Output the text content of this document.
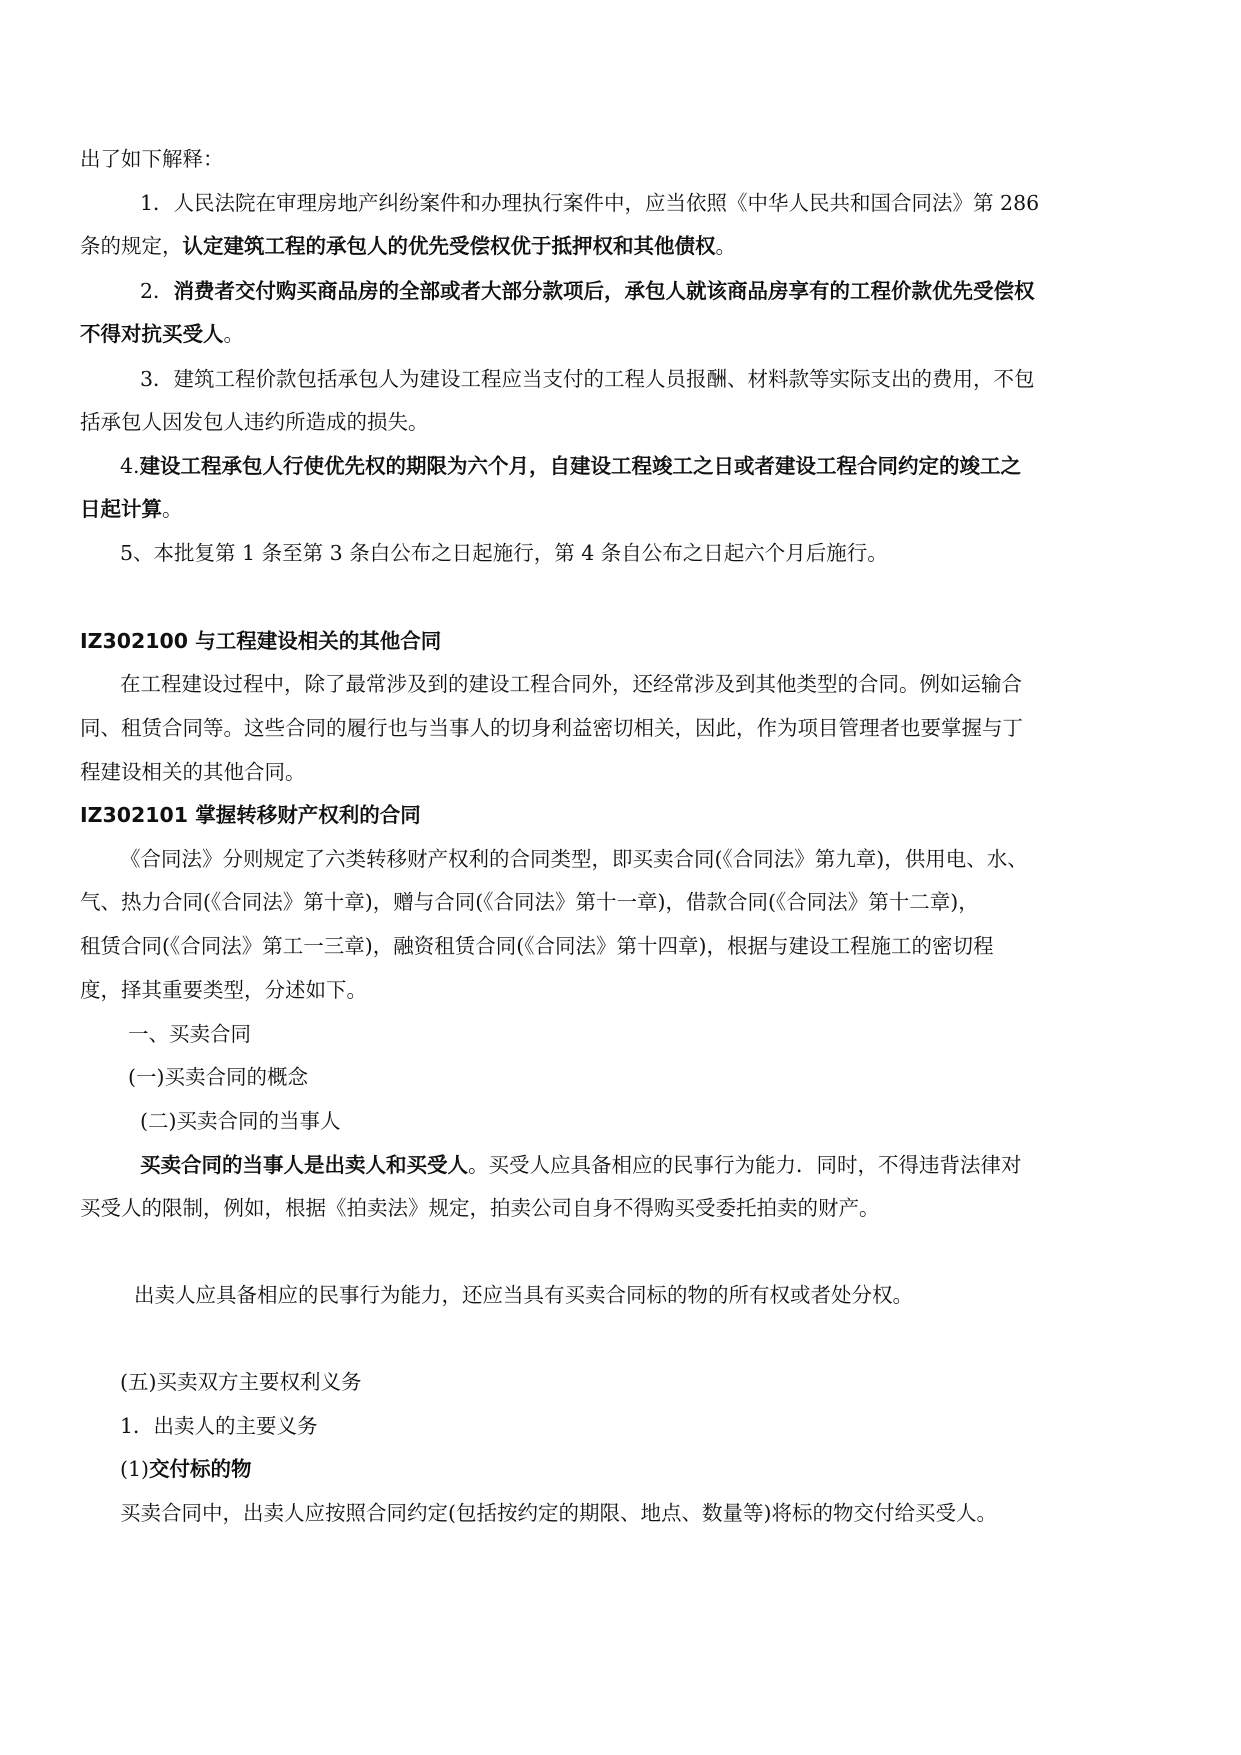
出了如下解释：
1．人民法院在审理房地产纠纷案件和办理执行案件中，应当依照《中华人民共和国合同法》第 286
条的规定，认定建筑工程的承包人的优先受偿权优于抵押权和其他债权。
2．消费者交付购买商品房的全部或者大部分款项后，承包人就该商品房享有的工程价款优先受偿权
不得对抗买受人。
3．建筑工程价款包括承包人为建设工程应当支付的工程人员报酬、材料款等实际支出的费用，不包
括承包人因发包人违约所造成的损失。
4.建设工程承包人行使优先权的期限为六个月，自建设工程竣工之日或者建设工程合同约定的竣工之
日起计算。
5、本批复第 1 条至第 3 条白公布之日起施行，第 4 条自公布之日起六个月后施行。
IZ302100 与工程建设相关的其他合同
在工程建设过程中，除了最常涉及到的建设工程合同外，还经常涉及到其他类型的合同。例如运输合
同、租赁合同等。这些合同的履行也与当事人的切身利益密切相关，因此，作为项目管理者也要掌握与丁
程建设相关的其他合同。
IZ302101 掌握转移财产权利的合同
《合同法》分则规定了六类转移财产权利的合同类型，即买卖合同(《合同法》第九章)，供用电、水、
气、热力合同(《合同法》第十章)，赠与合同(《合同法》第十一章)，借款合同(《合同法》第十二章)，
租赁合同(《合同法》第工一三章)，融资租赁合同(《合同法》第十四章)，根据与建设工程施工的密切程
度，择其重要类型，分述如下。
一、买卖合同
(一)买卖合同的概念
(二)买卖合同的当事人
买卖合同的当事人是出卖人和买受人。买受人应具备相应的民事行为能力．同时，不得违背法律对
买受人的限制，例如，根据《拍卖法》规定，拍卖公司自身不得购买受委托拍卖的财产。
出卖人应具备相应的民事行为能力，还应当具有买卖合同标的物的所有权或者处分权。
(五)买卖双方主要权利义务
1．出卖人的主要义务
(1)交付标的物
买卖合同中，出卖人应按照合同约定(包括按约定的期限、地点、数量等)将标的物交付给买受人。
